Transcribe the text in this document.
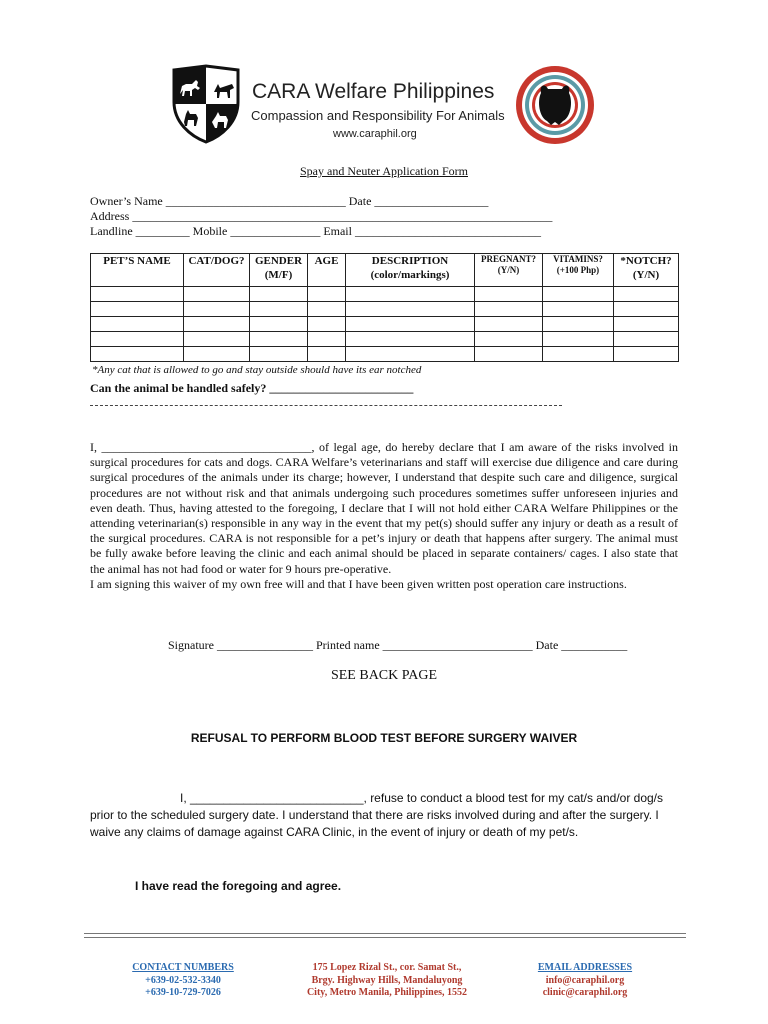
CARA Welfare Philippines
Compassion and Responsibility For Animals
www.caraphil.org
Spay and Neuter Application Form
Owner’s Name ______________________________ Date ___________________
Address ______________________________________________________________________
Landline _________ Mobile _______________ Email _______________________________
PET’S NAME	CAT/DOG?	GENDER (M/F)	AGE	DESCRIPTION (color/markings)	PREGNANT? (Y/N)	VITAMINS? (+100 Php)	*NOTCH? (Y/N)

*Any cat that is allowed to go and stay outside should have its ear notched
Can the animal be handled safely? ________________________

I, ___________________________________, of legal age, do hereby declare that I am aware of the risks involved in surgical procedures for cats and dogs. CARA Welfare’s veterinarians and staff will exercise due diligence and care during surgical procedures of the animals under its charge; however, I understand that despite such care and diligence, surgical procedures are not without risk and that animals undergoing such procedures sometimes suffer unforeseen injuries and even death. Thus, having attested to the foregoing, I declare that I will not hold either CARA Welfare Philippines or the attending veterinarian(s) responsible in any way in the event that my pet(s) should suffer any injury or death as a result of the surgical procedures. CARA is not responsible for a pet’s injury or death that happens after surgery. The animal must be fully awake before leaving the clinic and each animal should be placed in separate containers/ cages. I also state that the animal has not had food or water for 9 hours pre-operative.

I am signing this waiver of my own free will and that I have been given written post operation care instructions.

Signature ________________ Printed name _________________________ Date ___________
SEE BACK PAGE
REFUSAL TO PERFORM BLOOD TEST BEFORE SURGERY WAIVER
I, __________________________, refuse to conduct a blood test for my cat/s and/or dog/s prior to the scheduled surgery date. I understand that there are risks involved during and after the surgery. I waive any claims of damage against CARA Clinic, in the event of injury or death of my pet/s.
I have read the foregoing and agree.
CONTACT NUMBERS
+639-02-532-3340
+639-10-729-7026
175 Lopez Rizal St., cor. Samat St.,
Brgy. Highway Hills, Mandaluyong
City, Metro Manila, Philippines, 1552
EMAIL ADDRESSES
info@caraphil.org
clinic@caraphil.org
